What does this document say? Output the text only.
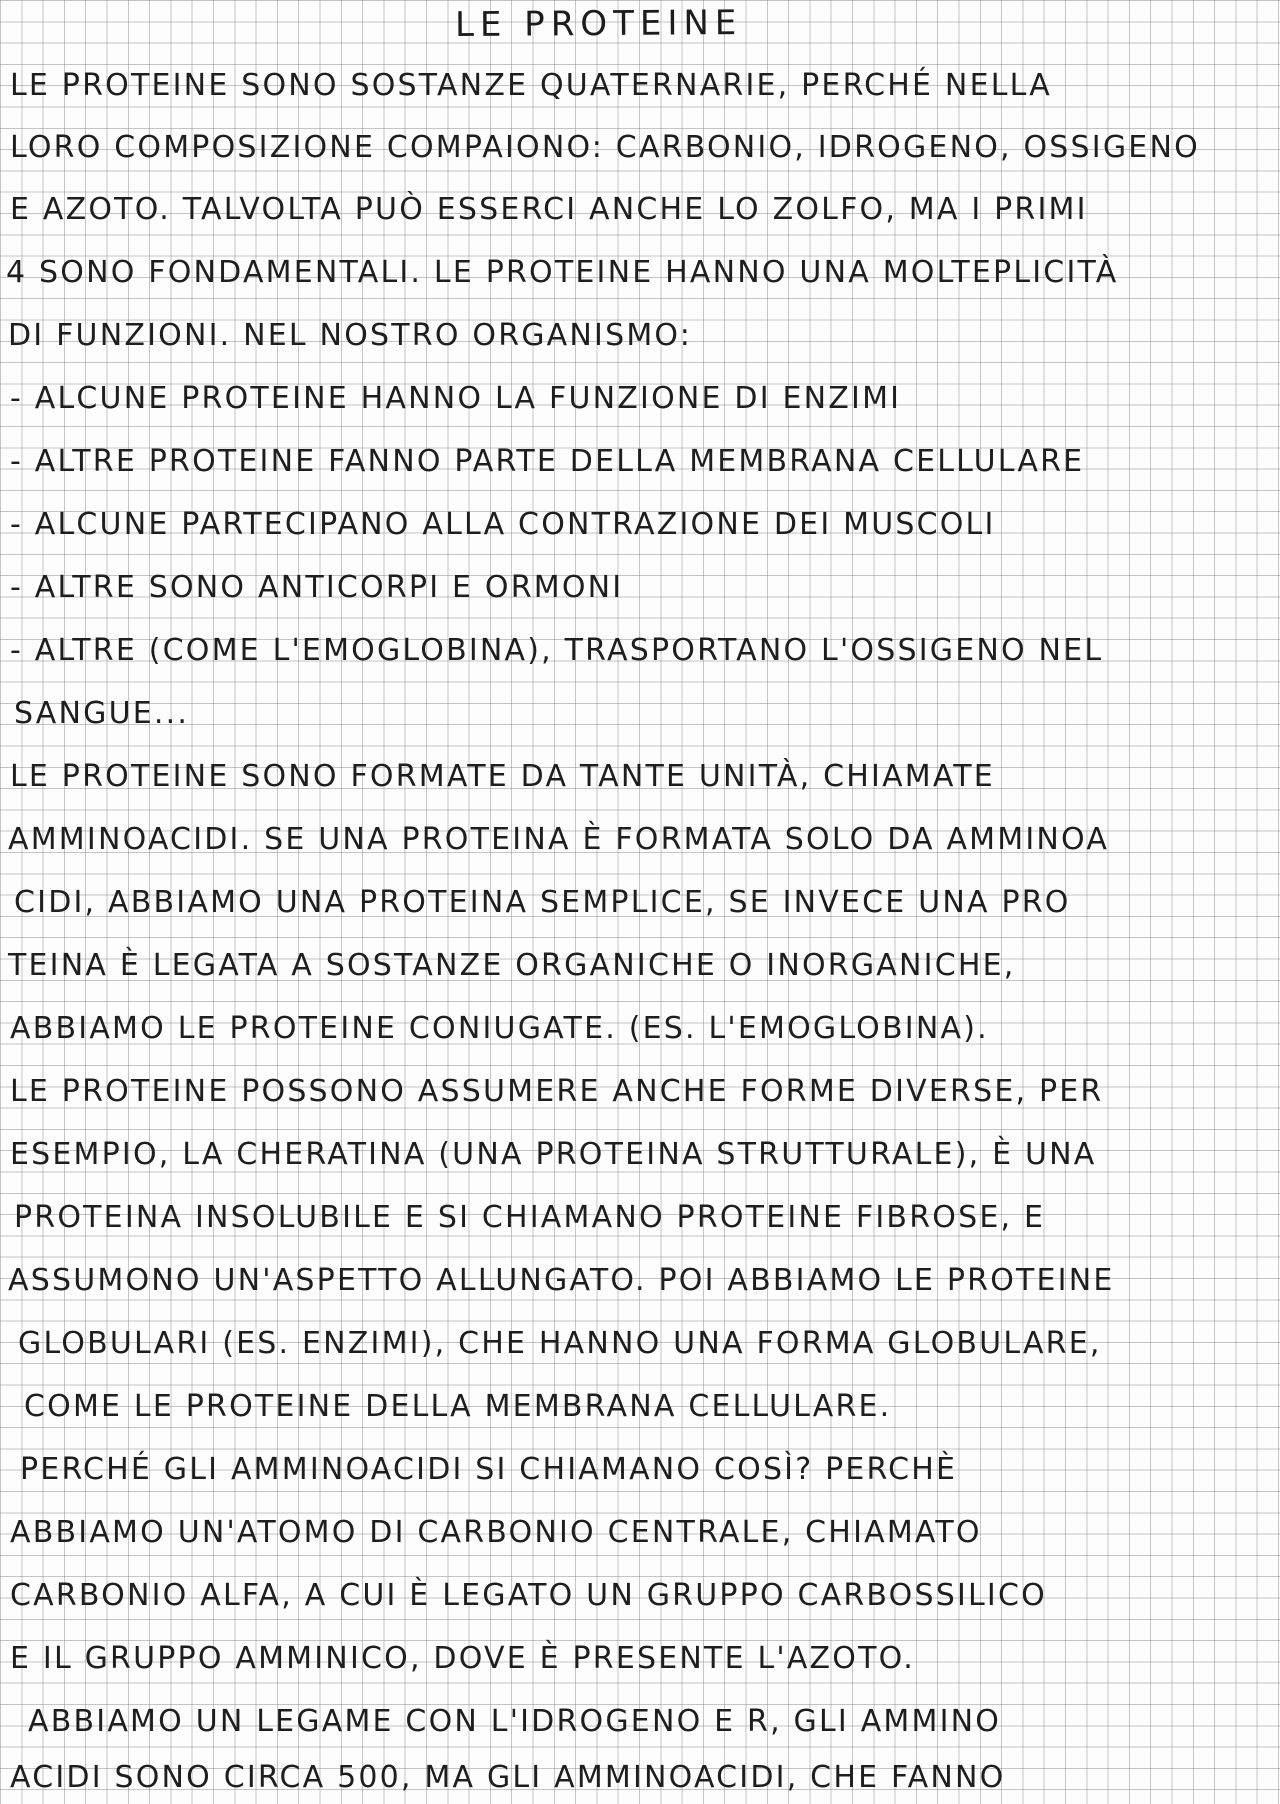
LE PROTEINE
LE PROTEINE SONO SOSTANZE QUATERNARIE, PERCHÉ NELLA
LORO COMPOSIZIONE COMPAIONO: CARBONIO, IDROGENO, OSSIGENO
E AZOTO. TALVOLTA PUÒ ESSERCI ANCHE LO ZOLFO, MA I PRIMI
4 SONO FONDAMENTALI. LE PROTEINE HANNO UNA MOLTEPLICITÀ
DI FUNZIONI. NEL NOSTRO ORGANISMO:
- ALCUNE PROTEINE HANNO LA FUNZIONE DI ENZIMI
- ALTRE PROTEINE FANNO PARTE DELLA MEMBRANA CELLULARE
- ALCUNE PARTECIPANO ALLA CONTRAZIONE DEI MUSCOLI
- ALTRE SONO ANTICORPI E ORMONI
- ALTRE (COME L'EMOGLOBINA), TRASPORTANO L'OSSIGENO NEL
SANGUE...
LE PROTEINE SONO FORMATE DA TANTE UNITÀ, CHIAMATE
AMMINOACIDI. SE UNA PROTEINA È FORMATA SOLO DA AMMINOA
CIDI, ABBIAMO UNA PROTEINA SEMPLICE, SE INVECE UNA PRO
TEINA È LEGATA A SOSTANZE ORGANICHE O INORGANICHE,
ABBIAMO LE PROTEINE CONIUGATE. (ES. L'EMOGLOBINA).
LE PROTEINE POSSONO ASSUMERE ANCHE FORME DIVERSE, PER
ESEMPIO, LA CHERATINA (UNA PROTEINA STRUTTURALE), È UNA
PROTEINA INSOLUBILE E SI CHIAMANO PROTEINE FIBROSE, E
ASSUMONO UN'ASPETTO ALLUNGATO. POI ABBIAMO LE PROTEINE
GLOBULARI (ES. ENZIMI), CHE HANNO UNA FORMA GLOBULARE,
COME LE PROTEINE DELLA MEMBRANA CELLULARE.
PERCHÉ GLI AMMINOACIDI SI CHIAMANO COSÌ? PERCHÈ
ABBIAMO UN'ATOMO DI CARBONIO CENTRALE, CHIAMATO
CARBONIO ALFA, A CUI È LEGATO UN GRUPPO CARBOSSILICO
E IL GRUPPO AMMINICO, DOVE È PRESENTE L'AZOTO.
ABBIAMO UN LEGAME CON L'IDROGENO E R, GLI AMMINO
ACIDI SONO CIRCA 500, MA GLI AMMINOACIDI, CHE FANNO
